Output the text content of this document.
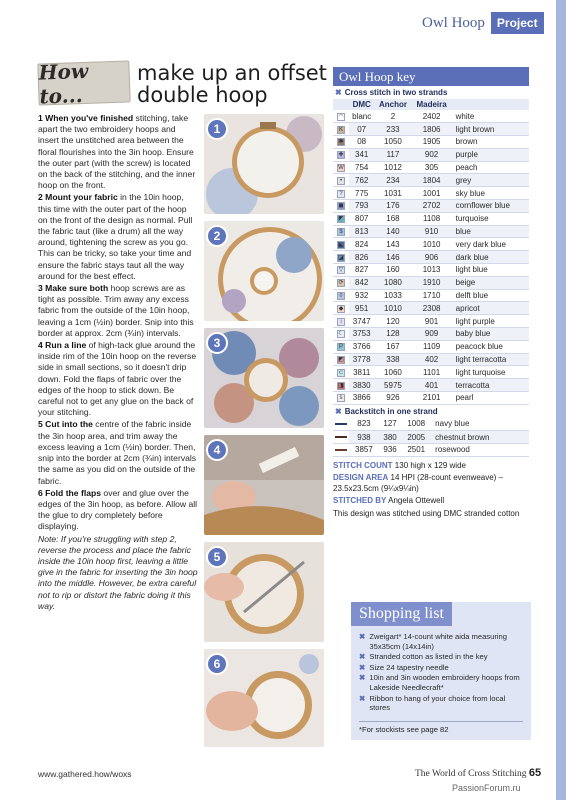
Owl Hoop	Project
How to...
make up an offset double hoop

1 When you've finished stitching, take apart the two embroidery hoops and insert the unstitched area between the floral flourishes into the 3in hoop. Ensure the outer part (with the screw) is located on the back of the stitching, and the inner hoop on the front.

2 Mount your fabric in the 10in hoop, this time with the outer part of the hoop on the front of the design as normal. Pull the fabric taut (like a drum) all the way around, tightening the screw as you go. This can be tricky, so take your time and ensure the fabric stays taut all the way around for the best effect.

3 Make sure both hoop screws are as tight as possible. Trim away any excess fabric from the outside of the 10in hoop, leaving a 1cm (½in) border. Snip into this border at approx. 2cm (¾in) intervals.

4 Run a line of high-tack glue around the inside rim of the 10in hoop on the reverse side in small sections, so it doesn't drip down. Fold the flaps of fabric over the edges of the hoop to stick down. Be careful not to get any glue on the back of your stitching.

5 Cut into the centre of the fabric inside the 3in hoop area, and trim away the excess leaving a 1cm (½in) border. Then, snip into the border at 2cm (¾in) intervals the same as you did on the outside of the fabric.

6 Fold the flaps over and glue over the edges of the 3in hoop, as before. Allow all the glue to dry completely before displaying.

Note: If you're struggling with step 2, reverse the process and place the fabric inside the 10in hoop first, leaving a little give in the fabric for inserting the 3in hoop into the middle. However, be extra careful not to rip or distort the fabric doing it this way.

1
2
3
4
5
6
Owl Hoop key
✖ Cross stitch in two strands
	DMC	Anchor	Madeira	
◠	blanc	2	2402	white
K	07	233	1806	light brown
✱	08	1050	1905	brown
✚	341	117	902	purple
W	754	1012	305	peach
•	762	234	1804	grey
?	775	1031	1001	sky blue
◼	793	176	2702	cornflower blue
◤	807	168	1108	turquoise
$	813	140	910	blue
◣	824	143	1010	very dark blue
◪	826	146	906	dark blue
▽	827	160	1013	light blue
⟳	842	1080	1910	beige
◊	932	1033	1710	delft blue
◆	951	1010	2308	apricot
↕	3747	120	901	light purple
☾	3753	128	909	baby blue
P	3766	167	1109	peacock blue
◩	3778	338	402	light terracotta
⊂	3811	1060	1101	light turquoise
◨	3830	5975	401	terracotta
s	3866	926	2101	pearl
✖ Backstitch in one strand
	823	127	1008	navy blue
	938	380	2005	chestnut brown
	3857	936	2501	rosewood

STITCH COUNT 130 high x 129 wide

DESIGN AREA 14 HPI (28-count evenweave) – 23.5x23.5cm (9¼x9¼in)

STITCHED BY Angela Ottewell

This design was stitched using DMC stranded cotton

Shopping list
✖ Zweigart* 14-count white aida measuring 35x35cm (14x14in)
✖ Stranded cotton as listed in the key
✖ Size 24 tapestry needle
✖ 10in and 3in wooden embroidery hoops from Lakeside Needlecraft*
✖ Ribbon to hang of your choice from local stores
*For stockists see page 82
www.gathered.how/woxs	The World of Cross Stitching 65
PassionForum.ru
